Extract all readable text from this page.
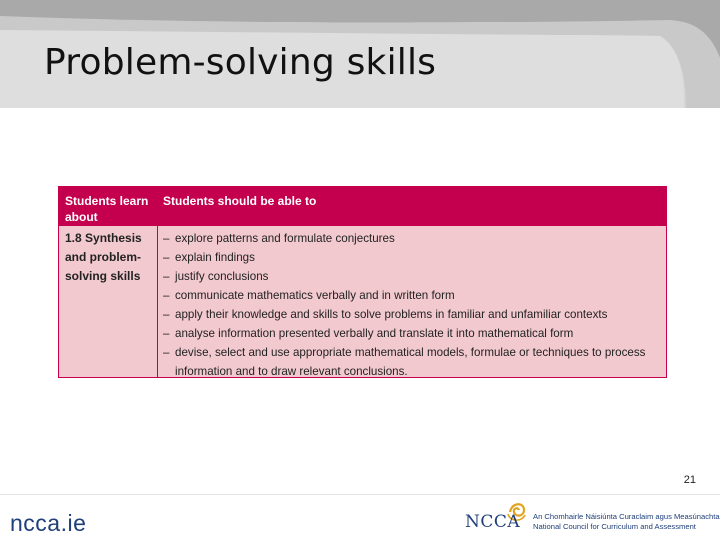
Problem-solving skills
Students learn about
Students should be able to
1.8 Synthesis and problem-solving skills
– explore patterns and formulate conjectures
– explain findings
– justify conclusions
– communicate mathematics verbally and in written form
– apply their knowledge and skills to solve problems in familiar and unfamiliar contexts
– analyse information presented verbally and translate it into mathematical form
– devise, select and use appropriate mathematical models, formulae or techniques to process
information and to draw relevant conclusions.
21
ncca.ie	NCCA An Chomhairle Náisiúnta Curaclaim agus Measúnachta
National Council for Curriculum and Assessment
